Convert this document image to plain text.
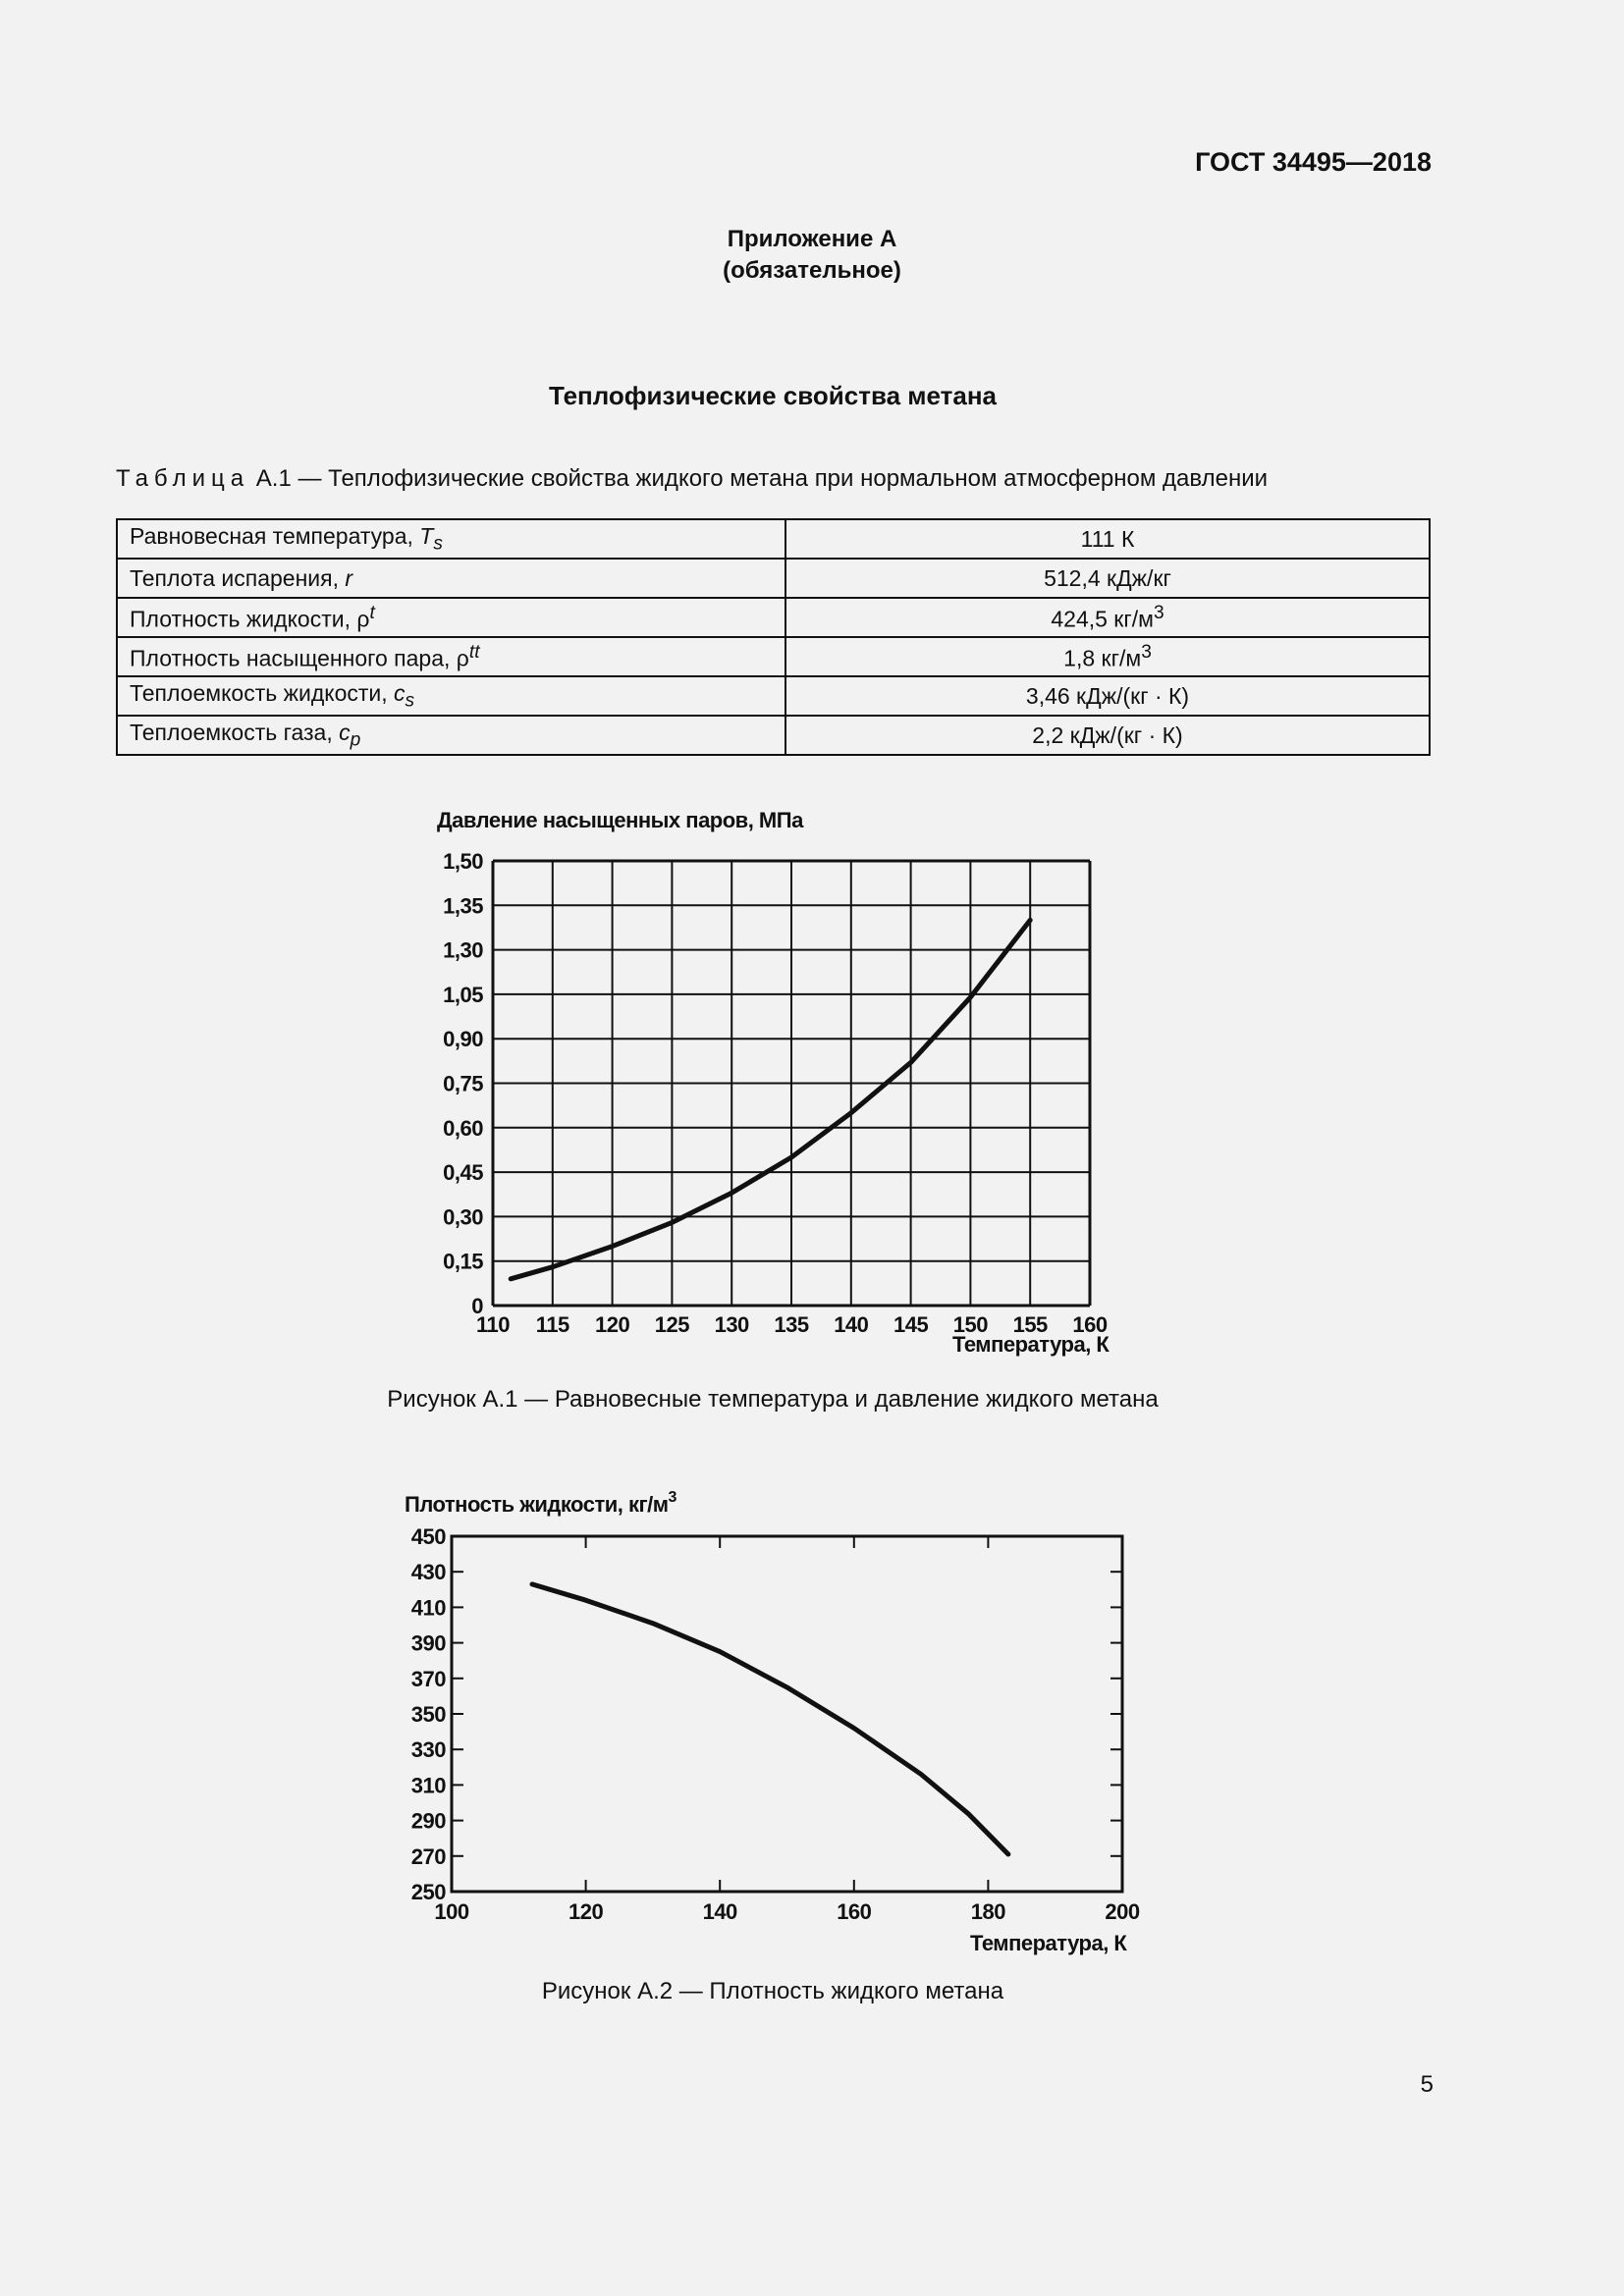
ГОСТ 34495—2018
Приложение А
(обязательное)
Теплофизические свойства метана
Таблица А.1 — Теплофизические свойства жидкого метана при нормальном атмосферном давлении
Равновесная температура, $T_s$	111 К
Теплота испарения, r	512,4 кДж/кг
Плотность жидкости, $\rho^t$	424,5 $кг/м^3$
Плотность насыщенного пара, $\rho^{tt}$	1,8 $кг/м^3$
Теплоемкость жидкости, $c_s$	3,46 кДж/(кг · К)
Теплоемкость газа, $c_p$	2,2 кДж/(кг · К)
Давление насыщенных паров, МПа
0
0,15
0,30
0,45
0,60
0,75
0,90
1,05
1,30
1,35
1,50
110 115 120 125 130 135 140 145 150 155 160
Температура, К
Рисунок А.1 — Равновесные температура и давление жидкого метана
Плотность жидкости, $кг/м^3$
250
270
290
310
330
350
370
390
410
430
450
100	120	140	160	180	200
Температура, К
Рисунок А.2 — Плотность жидкого метана
5
